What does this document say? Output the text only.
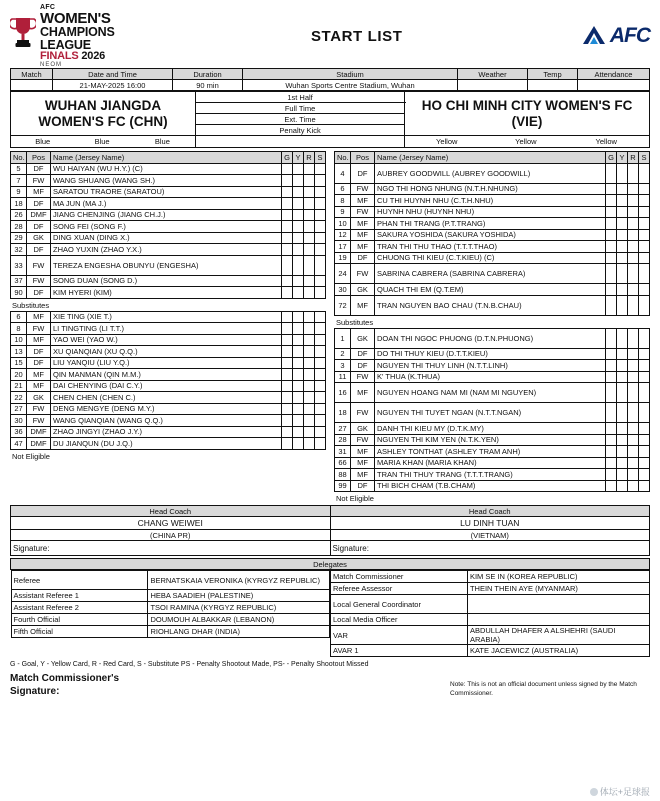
AFC
WOMEN'S
CHAMPIONS
LEAGUE
FINALS 2026
NEOM
START LIST	AFC
Match	Date and Time	Duration	Stadium	Weather	Temp	Attendance
	21-MAY-2025 16:00	90 min	Wuhan Sports Centre Stadium, Wuhan			
WUHAN JIANGDA WOMEN'S FC (CHN)	1st Half	HO CHI MINH CITY WOMEN'S FC (VIE)
Full Time
Ext. Time
Penalty Kick

Blue	Blue	Blue
			Yellow	Yellow	Yellow
No.	Pos	Name (Jersey Name)	G	Y	R	S
5	DF	WU HAIYAN (WU H.Y.) (C)				
7	FW	WANG SHUANG (WANG SH.)				
9	MF	SARATOU TRAORE (SARATOU)				
18	DF	MA JUN (MA J.)				
26	DMF	JIANG CHENJING (JIANG CH.J.)				
28	DF	SONG FEI (SONG F.)				
29	GK	DING XUAN (DING X.)				
32	DF	ZHAO YUXIN (ZHAO Y.X.)				
33	FW	TEREZA ENGESHA OBUNYU (ENGESHA)				
37	FW	SONG DUAN (SONG D.)				
90	DF	KIM HYERI (KIM)				
Substitutes
6	MF	XIE TING (XIE T.)				
8	FW	LI TINGTING (LI T.T.)				
10	MF	YAO WEI (YAO W.)				
13	DF	XU QIANQIAN (XU Q.Q.)				
15	DF	LIU YANQIU (LIU Y.Q.)				
20	MF	QIN MANMAN (QIN M.M.)				
21	MF	DAI CHENYING (DAI C.Y.)				
22	GK	CHEN CHEN (CHEN C.)				
27	FW	DENG MENGYE (DENG M.Y.)				
30	FW	WANG QIANQIAN (WANG Q.Q.)				
36	DMF	ZHAO JINGYI (ZHAO J.Y.)				
47	DMF	DU JIANQUN (DU J.Q.)				
Not Eligible
No.	Pos	Name (Jersey Name)	G	Y	R	S
4	DF	AUBREY GOODWILL (AUBREY GOODWILL)				
6	FW	NGO THI HONG NHUNG (N.T.H.NHUNG)				
8	MF	CU THI HUYNH NHU (C.T.H.NHU)				
9	FW	HUYNH NHU (HUYNH NHU)				
10	MF	PHAN THI TRANG (P.T.TRANG)				
12	MF	SAKURA YOSHIDA (SAKURA YOSHIDA)				
17	MF	TRAN THI THU THAO (T.T.T.THAO)				
19	DF	CHUONG THI KIEU (C.T.KIEU) (C)				
24	FW	SABRINA CABRERA (SABRINA CABRERA)				
30	GK	QUACH THI EM (Q.T.EM)				
72	MF	TRAN NGUYEN BAO CHAU (T.N.B.CHAU)				
Substitutes
1	GK	DOAN THI NGOC PHUONG (D.T.N.PHUONG)				
2	DF	DO THI THUY KIEU (D.T.T.KIEU)				
3	DF	NGUYEN THI THUY LINH (N.T.T.LINH)				
11	FW	K' THUA (K.THUA)				
16	MF	NGUYEN HOANG NAM MI (NAM MI NGUYEN)				
18	FW	NGUYEN THI TUYET NGAN (N.T.T.NGAN)				
27	GK	DANH THI KIEU MY (D.T.K.MY)				
28	FW	NGUYEN THI KIM YEN (N.T.K.YEN)				
31	MF	ASHLEY TONTHAT (ASHLEY TRAM ANH)				
66	MF	MARIA KHAN (MARIA KHAN)				
88	MF	TRAN THI THUY TRANG (T.T.T.TRANG)				
99	DF	THI BICH CHAM (T.B.CHAM)				
Not Eligible
Head Coach	Head Coach
CHANG WEIWEI	LU DINH TUAN
(CHINA PR)	(VIETNAM)
Signature:	Signature:
Delegates

Referee	BERNATSKAIA VERONIKA (KYRGYZ REPUBLIC)
Assistant Referee 1	HEBA SAADIEH (PALESTINE)
Assistant Referee 2	TSOI RAMINA (KYRGYZ REPUBLIC)
Fourth Official	DOUMOUH ALBAKKAR (LEBANON)
Fifth Official	RIOHLANG DHAR (INDIA)

Match Commissioner	KIM SE IN (KOREA REPUBLIC)
Referee Assessor	THEIN THEIN AYE (MYANMAR)
Local General Coordinator	
Local Media Officer	
VAR	ABDULLAH DHAFER A ALSHEHRI (SAUDI ARABIA)
AVAR 1	KATE JACEWICZ (AUSTRALIA)
G - Goal, Y - Yellow Card, R - Red Card, S - Substitute PS - Penalty Shootout Made, PS- - Penalty Shootout Missed
Match Commissioner's
Signature:
Note: This is not an official document unless signed by the Match Commissioner.
体坛+足球报
